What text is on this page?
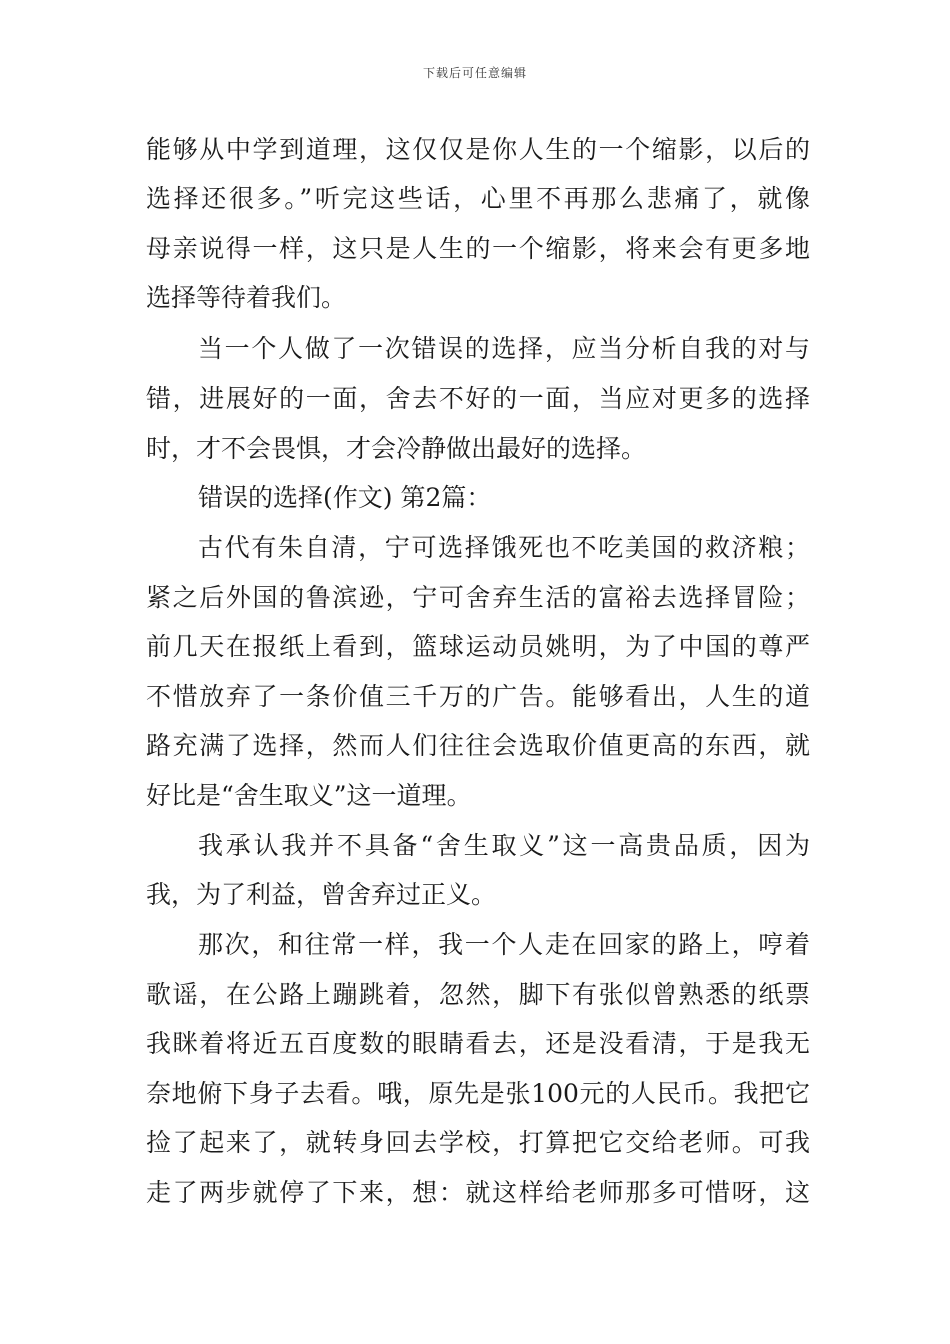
下载后可任意编辑
能够从中学到道理，这仅仅是你人生的一个缩影，以后的
选择还很多。”听完这些话，心里不再那么悲痛了，就像
母亲说得一样，这只是人生的一个缩影，将来会有更多地
选择等待着我们。
当一个人做了一次错误的选择，应当分析自我的对与
错，进展好的一面，舍去不好的一面，当应对更多的选择
时，才不会畏惧，才会冷静做出最好的选择。
错误的选择(作文) 第2篇：
古代有朱自清，宁可选择饿死也不吃美国的救济粮；
紧之后外国的鲁滨逊，宁可舍弃生活的富裕去选择冒险；
前几天在报纸上看到，篮球运动员姚明，为了中国的尊严
不惜放弃了一条价值三千万的广告。能够看出，人生的道
路充满了选择，然而人们往往会选取价值更高的东西，就
好比是“舍生取义”这一道理。
我承认我并不具备“舍生取义”这一高贵品质，因为
我，为了利益，曾舍弃过正义。
那次，和往常一样，我一个人走在回家的路上，哼着
歌谣，在公路上蹦跳着，忽然，脚下有张似曾熟悉的纸票
我眯着将近五百度数的眼睛看去，还是没看清，于是我无
奈地俯下身子去看。哦，原先是张100元的人民币。我把它
捡了起来了，就转身回去学校，打算把它交给老师。可我
走了两步就停了下来，想：就这样给老师那多可惜呀，这
